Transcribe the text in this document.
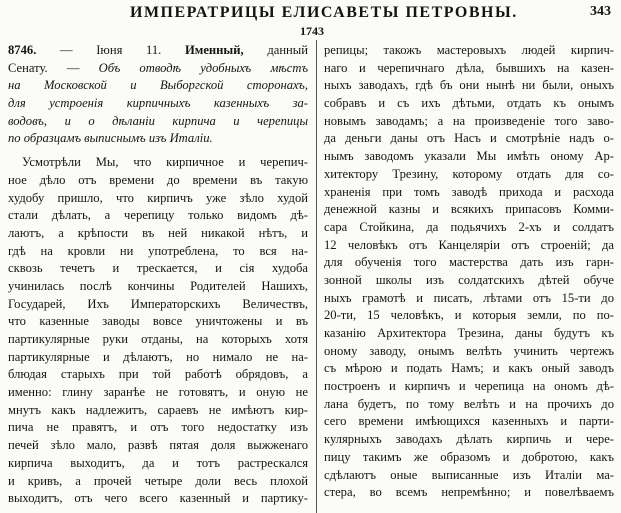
ИМПЕРАТРИЦЫ ЕЛИСАВЕТЫ ПЕТРОВНЫ.	343
1743
8746. — Іюня 11. Именный, данный
Сенату. — Объ отводѣ удобныхъ мѣстъ
на Московской и Выборгской сторонахъ,
для устроенія кирпичныхъ казенныхъ за-
водовъ, и о дѣланіи кирпича и черепицы
по образцамъ выписнымъ изъ Италіи.
Усмотрѣли Мы, что кирпичное и черепич-
ное дѣло отъ времени до времени въ такую
худобу пришло, что кирпичъ уже зѣло худой
стали дѣлать, а черепицу только видомъ дѣ-
лаютъ, а крѣпости въ ней никакой нѣтъ, и
гдѣ на кровли ни употреблена, то вся на-
сквозь течетъ и трескается, и сія худоба
учинилась послѣ кончины Родителей Нашихъ,
Государей, Ихъ Императорскихъ Величествъ,
что казенные заводы вовсе уничтожены и въ
партикулярные руки отданы, на которыхъ хотя
партикулярные и дѣлаютъ, но нимало не на-
блюдая старыхъ при той работѣ обрядовъ, а
именно: глину заранѣе не готовятъ, и оную не
мнутъ какъ надлежитъ, сараевъ не имѣютъ кир-
пича не правятъ, и отъ того недостатку изъ
печей зѣло мало, развѣ пятая доля выжженаго
кирпича выходитъ, да и тотъ растрескался
и кривъ, а прочей четыре доли весь плохой
выходитъ, отъ чего всего казенный и партику-
репицы; такожъ мастеровыхъ людей кирпич-
наго и черепичнаго дѣла, бывшихъ на казен-
ныхъ заводахъ, гдѣ бъ они нынѣ ни были, оныхъ
собравъ и съ ихъ дѣтьми, отдать къ онымъ
новымъ заводамъ; а на произведеніе того заво-
да деньги даны отъ Насъ и смотрѣніе надъ о-
нымъ заводомъ указали Мы имѣть оному Ар-
хитектору Трезину, которому отдать для со-
храненія при томъ заводѣ прихода и расхода
денежной казны и всякихъ припасовъ Комми-
сара Стойкина, да подьячихъ 2-хъ и солдатъ
12 человѣкъ отъ Канцеляріи отъ строеній; да
для обученія того мастерства дать изъ гарн-
зонной школы изъ солдатскихъ дѣтей обуче
ныхъ грамотѣ и писать, лѣтами отъ 15-ти до
20-ти, 15 человѣкъ, и которыя земли, по по-
казанію Архитектора Трезина, даны будутъ къ
оному заводу, онымъ велѣть учинить чертежъ
съ мѣрою и подать Намъ; и какъ оный заводъ
построенъ и кирпичъ и черепица на ономъ дѣ-
лана будетъ, по тому велѣть и на прочихъ до
сего времени имѣющихся казенныхъ и парти-
кулярныхъ заводахъ дѣлать кирпичь и чере-
пицу такимъ же образомъ и добротою, какъ
сдѣлаютъ оные выписанные изъ Италіи ма-
стера, во всемъ непремѣнно; и повелѣваемъ
